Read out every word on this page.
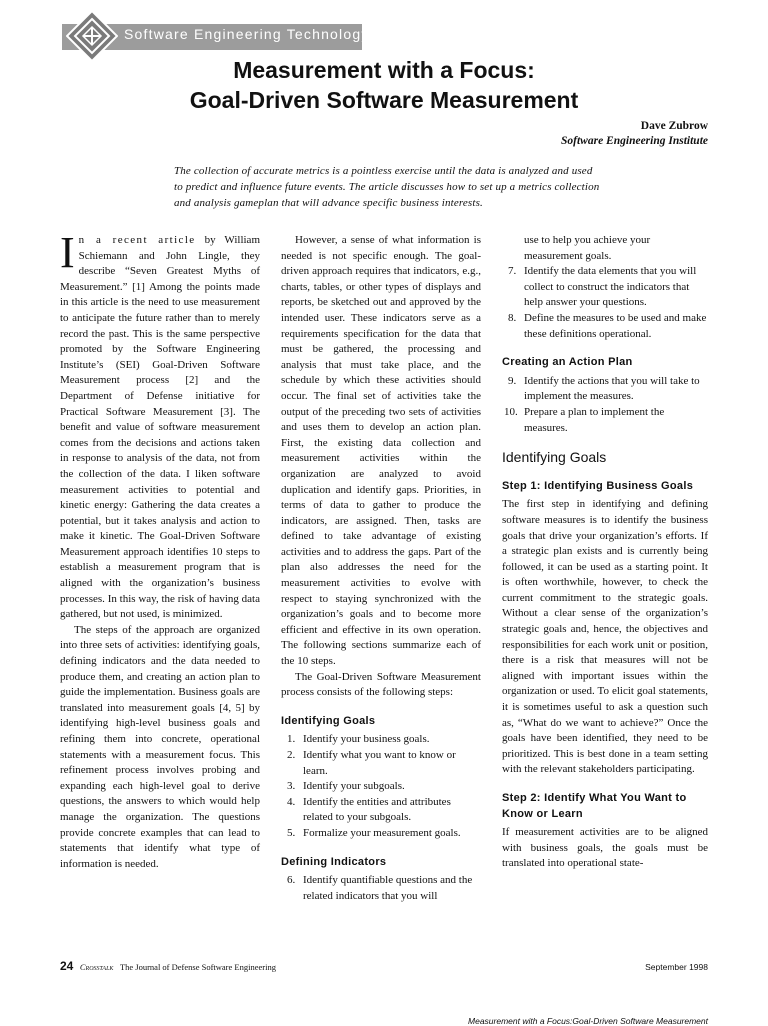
Software Engineering Technology
Measurement with a Focus:
Goal-Driven Software Measurement
Dave Zubrow
Software Engineering Institute
The collection of accurate metrics is a pointless exercise until the data is analyzed and used to predict and influence future events. The article discusses how to set up a metrics collection and analysis gameplan that will advance specific business interests.

In a recent article by William Schiemann and John Lingle, they describe “Seven Greatest Myths of Measurement.” [1] Among the points made in this article is the need to use measurement to anticipate the future rather than to merely record the past. This is the same perspective promoted by the Software Engineering Institute’s (SEI) Goal-Driven Software Measurement process [2] and the Department of Defense initiative for Practical Software Measurement [3]. The benefit and value of software measurement comes from the decisions and actions taken in response to analysis of the data, not from the collection of the data. I liken software measurement activities to potential and kinetic energy: Gathering the data creates a potential, but it takes analysis and action to make it kinetic. The Goal-Driven Software Measurement approach identifies 10 steps to establish a measurement program that is aligned with the organization’s business processes. In this way, the risk of having data gathered, but not used, is minimized.

The steps of the approach are organized into three sets of activities: identifying goals, defining indicators and the data needed to produce them, and creating an action plan to guide the implementation. Business goals are translated into measurement goals [4, 5] by identifying high-level business goals and refining them into concrete, operational statements with a measurement focus. This refinement process involves probing and expanding each high-level goal to derive questions, the answers to which would help manage the organization. The questions provide concrete examples that can lead to statements that identify what type of information is needed.

However, a sense of what information is needed is not specific enough. The goal-driven approach requires that indicators, e.g., charts, tables, or other types of displays and reports, be sketched out and approved by the intended user. These indicators serve as a requirements specification for the data that must be gathered, the processing and analysis that must take place, and the schedule by which these activities should occur. The final set of activities take the output of the preceding two sets of activities and uses them to develop an action plan. First, the existing data collection and measurement activities within the organization are analyzed to avoid duplication and identify gaps. Priorities, in terms of data to gather to produce the indicators, are assigned. Then, tasks are defined to take advantage of existing activities and to address the gaps. Part of the plan also addresses the need for the measurement activities to evolve with respect to staying synchronized with the organization’s goals and to become more efficient and effective in its own operation. The following sections summarize each of the 10 steps.

The Goal-Driven Software Measurement process consists of the following steps:

Identifying Goals
1. Identify your business goals.
2. Identify what you want to know or learn.
3. Identify your subgoals.
4. Identify the entities and attributes related to your subgoals.
5. Formalize your measurement goals.
Defining Indicators
6. Identify quantifiable questions and the related indicators that you will
use to help you achieve your measurement goals.
7. Identify the data elements that you will collect to construct the indicators that help answer your questions.
8. Define the measures to be used and make these definitions operational.
Creating an Action Plan
9. Identify the actions that you will take to implement the measures.
10. Prepare a plan to implement the measures.
Identifying Goals
Step 1: Identifying Business Goals

The first step in identifying and defining software measures is to identify the business goals that drive your organization’s efforts. If a strategic plan exists and is currently being followed, it can be used as a starting point. It is often worthwhile, however, to check the current commitment to the strategic goals. Without a clear sense of the organization’s strategic goals and, hence, the objectives and responsibilities for each work unit or position, there is a risk that measures will not be aligned with important issues within the organization or used. To elicit goal statements, it is sometimes useful to ask a question such as, “What do we want to achieve?” Once the goals have been identified, they need to be prioritized. This is best done in a team setting with the relevant stakeholders participating.

Step 2: Identify What You Want to Know or Learn

If measurement activities are to be aligned with business goals, the goals must be translated into operational state-

24 Crosstalk The Journal of Defense Software Engineering	September 1998
Measurement with a Focus:Goal-Driven Software Measurement
